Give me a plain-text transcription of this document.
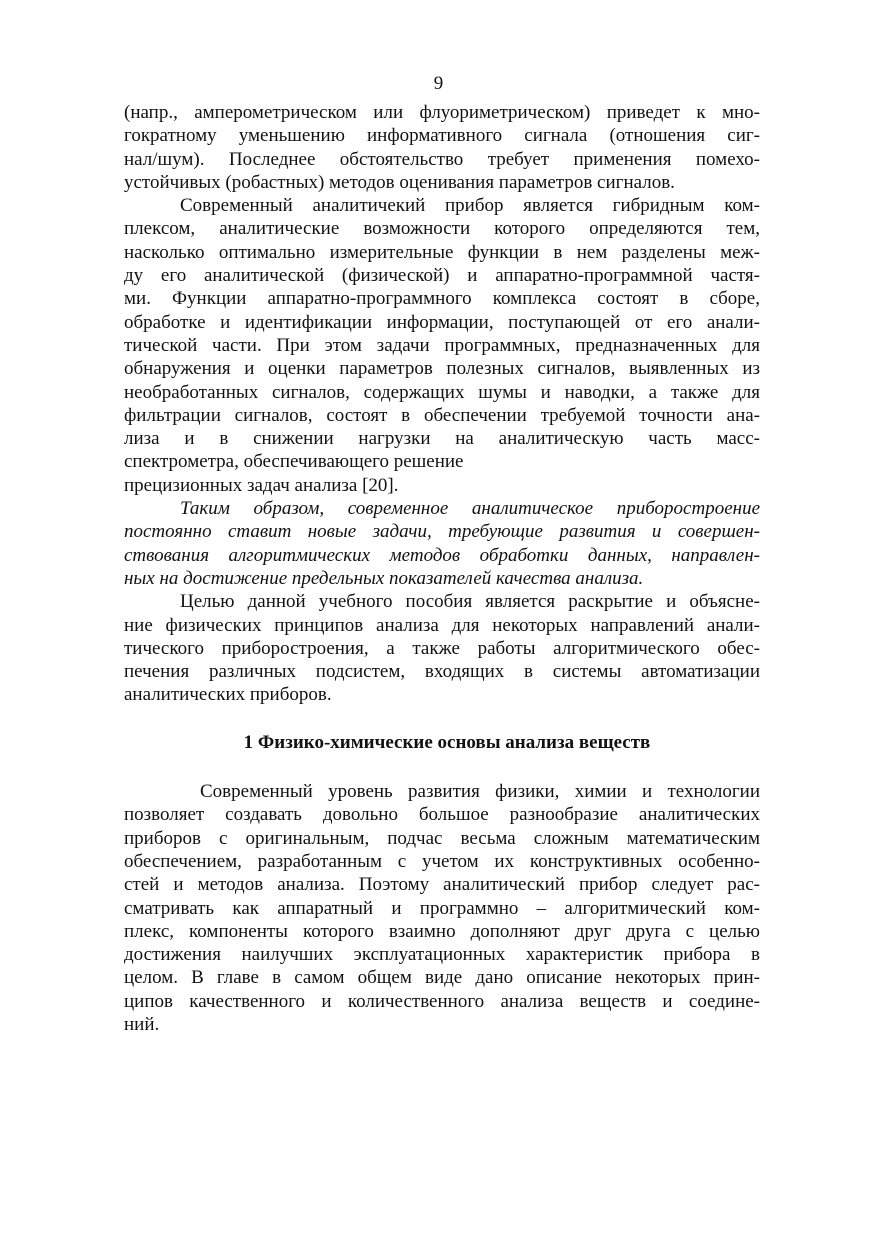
9
(напр., амперометрическом или флуориметрическом) приведет к мно-
гократному уменьшению информативного сигнала (отношения сиг-
нал/шум). Последнее обстоятельство требует применения помехо-
устойчивых (робастных) методов оценивания параметров сигналов.
Современный аналитичекий прибор является гибридным ком-
плексом, аналитические возможности которого определяются тем,
насколько оптимально измерительные функции в нем разделены меж-
ду его аналитической (физической) и аппаратно-программной частя-
ми. Функции аппаратно-программного комплекса состоят в сборе,
обработке и идентификации информации, поступающей от его анали-
тической части. При этом задачи программных, предназначенных для
обнаружения и оценки параметров полезных сигналов, выявленных из
необработанных сигналов, содержащих шумы и наводки, а также для
фильтрации сигналов, состоят в обеспечении требуемой точности ана-
лиза и в снижении нагрузки на аналитическую часть масс-
спектрометра, обеспечивающего решение
прецизионных задач анализа [20].
Таким образом, современное аналитическое приборостроение
постоянно ставит новые задачи, требующие развития и совершен-
ствования алгоритмических методов обработки данных, направлен-
ных на достижение предельных показателей качества анализа.
Целью данной учебного пособия является раскрытие и объясне-
ние физических принципов анализа для некоторых направлений анали-
тического приборостроения, а также работы алгоритмического обес-
печения различных подсистем, входящих в системы автоматизации
аналитических приборов.
1 Физико-химические основы анализа веществ
Современный уровень развития физики, химии и технологии
позволяет создавать довольно большое разнообразие аналитических
приборов с оригинальным, подчас весьма сложным математическим
обеспечением, разработанным с учетом их конструктивных особенно-
стей и методов анализа. Поэтому аналитический прибор следует рас-
сматривать как аппаратный и программно – алгоритмический ком-
плекс, компоненты которого взаимно дополняют друг друга с целью
достижения наилучших эксплуатационных характеристик прибора в
целом. В главе в самом общем виде дано описание некоторых прин-
ципов качественного и количественного анализа веществ и соедине-
ний.
